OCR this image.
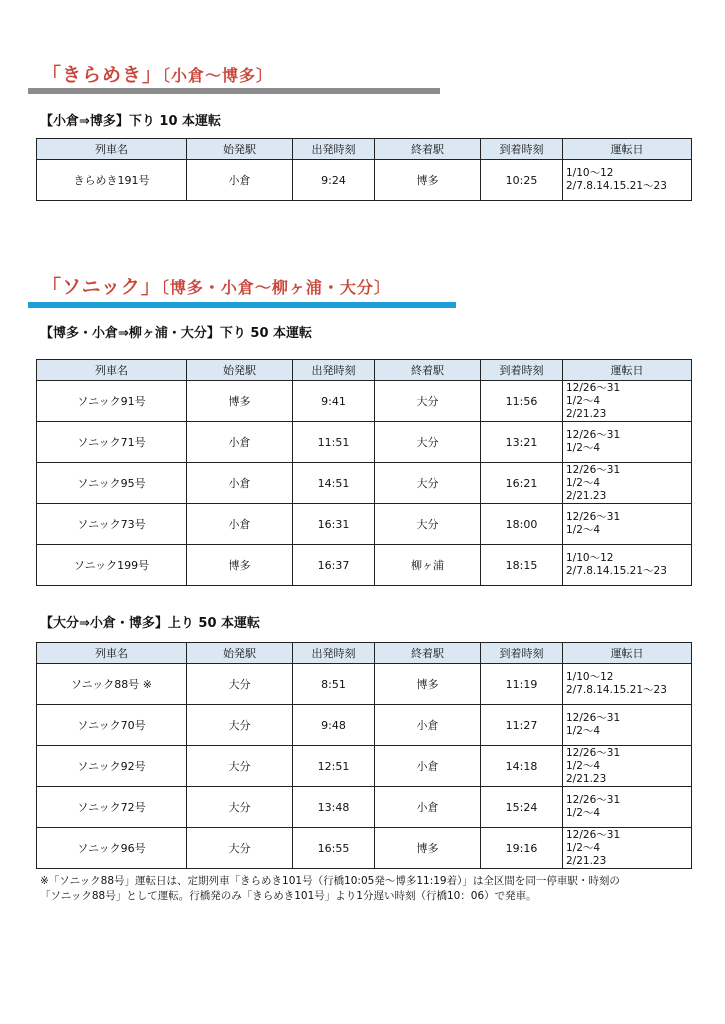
「きらめき」〔小倉～博多〕
【小倉⇒博多】下り 10 本運転
列車名	始発駅	出発時刻	終着駅	到着時刻	運転日
きらめき191号	小倉	9:24	博多	10:25	1/10～12
2/7.8.14.15.21～23
「ソニック」〔博多・小倉～柳ヶ浦・大分〕
【博多・小倉⇒柳ヶ浦・大分】下り 50 本運転
列車名	始発駅	出発時刻	終着駅	到着時刻	運転日
ソニック91号	博多	9:41	大分	11:56	12/26～31
1/2～4
2/21.23

ソニック71号	小倉	11:51	大分	13:21	12/26～31
1/2～4

ソニック95号	小倉	14:51	大分	16:21	12/26～31
1/2～4
2/21.23

ソニック73号	小倉	16:31	大分	18:00	12/26～31
1/2～4

ソニック199号	博多	16:37	柳ヶ浦	18:15	1/10～12
2/7.8.14.15.21～23
【大分⇒小倉・博多】上り 50 本運転
列車名	始発駅	出発時刻	終着駅	到着時刻	運転日
ソニック88号 ※	大分	8:51	博多	11:19	1/10～12
2/7.8.14.15.21～23

ソニック70号	大分	9:48	小倉	11:27	12/26～31
1/2～4

ソニック92号	大分	12:51	小倉	14:18	12/26～31
1/2～4
2/21.23

ソニック72号	大分	13:48	小倉	15:24	12/26～31
1/2～4

ソニック96号	大分	16:55	博多	19:16	12/26～31
1/2～4
2/21.23
※「ソニック88号」運転日は、定期列車「きらめき101号（行橋10:05発～博多11:19着）」は全区間を同一停車駅・時刻の
「ソニック88号」として運転。行橋発のみ「きらめき101号」より1分遅い時刻（行橋10：06）で発車。
